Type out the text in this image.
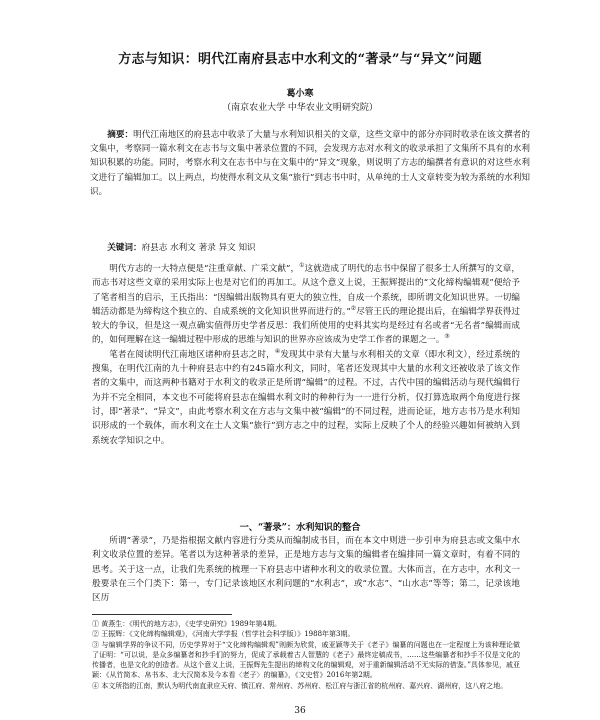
方志与知识：明代江南府县志中水利文的“著录”与“异文”问题
葛小寒
（南京农业大学 中华农业文明研究院）
摘要：明代江南地区的府县志中收录了大量与水利知识相关的文章，这些文章中的部分亦同时收录在该文撰者的文集中，考察同一篇水利文在志书与文集中著录位置的不同，会发现方志对水利文的收录承担了文集所不具有的水利知识积累的功能。同时，考察水利文在志书中与在文集中的“异文”现象，则说明了方志的编撰者有意识的对这些水利文进行了编辑加工。以上两点，均使得水利文从文集“旅行”到志书中时，从单纯的士人文章转变为较为系统的水利知识。
关键词：府县志 水利文 著录 异文 知识

明代方志的一大特点便是“注重章献、广采文献”，①这就造成了明代的志书中保留了很多士人所撰写的文章，而志书对这些文章的采用实际上也是对它们的再加工。从这个意义上说，王振辉提出的“文化缔构编辑观”便给予了笔者相当的启示，王氏指出：“因编辑出版物具有更大的独立性，自成一个系统，即所谓文化知识世界。一切编辑活动都是为缔构这个独立的、自成系统的文化知识世界而进行的。”②尽管王氏的理论提出后，在编辑学界获得过较大的争议，但是这一观点确实值得历史学者反思：我们所使用的史料其实均是经过有名或者“无名者”编辑而成的，如何理解在这一编辑过程中形成的思维与知识的世界亦应该成为史学工作者的课题之一。③

笔者在阅读明代江南地区诸种府县志之时，④发现其中录有大量与水利相关的文章（即水利文），经过系统的搜集，在明代江南的九十种府县志中约有245篇水利文，同时，笔者还发现其中大量的水利文还被收录了该文作者的文集中，而这两种书籍对于水利文的收录正是所谓“编辑”的过程。不过，古代中国的编辑活动与现代编辑行为并不完全相同，本文也不可能将府县志在编辑水利文时的种种行为一一进行分析，仅打算选取两个角度进行探讨，即“著录”、“异文”，由此考察水利文在方志与文集中被“编辑”的不同过程，进而论证，地方志书乃是水利知识形成的一个载体，而水利文在士人文集“旅行”到方志之中的过程，实际上反映了个人的经验兴趣如何被纳入到系统农学知识之中。

一、“著录”：水利知识的整合

所谓“著录”，乃是指根据文献内容进行分类从而编制成书目，而在本文中则进一步引申为府县志或文集中水利文收录位置的差异。笔者以为这种著录的差异，正是地方志与文集的编辑者在编排同一篇文章时，有着不同的思考。关于这一点，让我们先系统的梳理一下府县志中诸种水利文的收录位置。大体而言，在方志中，水利文一般要录在三个门类下：第一，专门记录该地区水利问题的“水利志”，或“水志”、“山水志”等等；第二，记录该地区历

① 黄燕生：《明代的地方志》，《史学史研究》1989年第4期。

② 王振辉：《文化缔构编辑观》，《河南大学学报（哲学社会科学版）》1988年第3期。

③ 与编辑学界的争议不同，历史学界对于“文化缔构编辑观”则颇为欣赏，戚亚颖等关于《老子》编纂的问题也在一定程度上为该种理论做了证明：“可以说，是众多编纂者和抄手们的努力，促成了承载着古人智慧的《老子》最终定稿成书，……这些编纂者和抄手不仅是文化的传播者，也是文化的创造者。从这个意义上说，王振辉先生提出的缔构文化的编辑观，对于重新编辑活动不无实际的借鉴。”具体参见，戚亚颖：《从竹简本、帛书本、北大汉简本及今本看〈老子〉的编纂》，《文史哲》2016年第2期。

④ 本文所指的江南，默认为明代南直隶应天府、镇江府、常州府、苏州府、松江府与浙江省的杭州府、嘉兴府、湖州府，这八府之地。

36
